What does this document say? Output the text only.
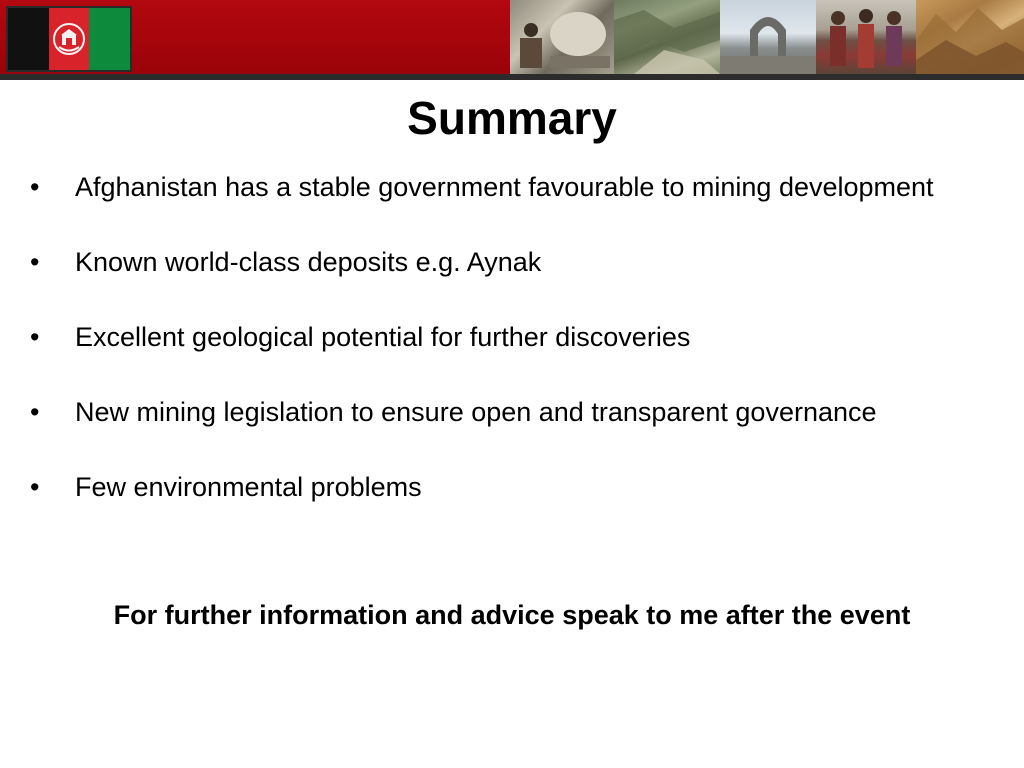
Summary
•	Afghanistan has a stable government favourable to mining development
•	Known world-class deposits e.g. Aynak
•	Excellent geological potential for further discoveries
•	New mining legislation to ensure open and transparent governance
•	Few environmental problems
For further information and advice speak to me after the event
